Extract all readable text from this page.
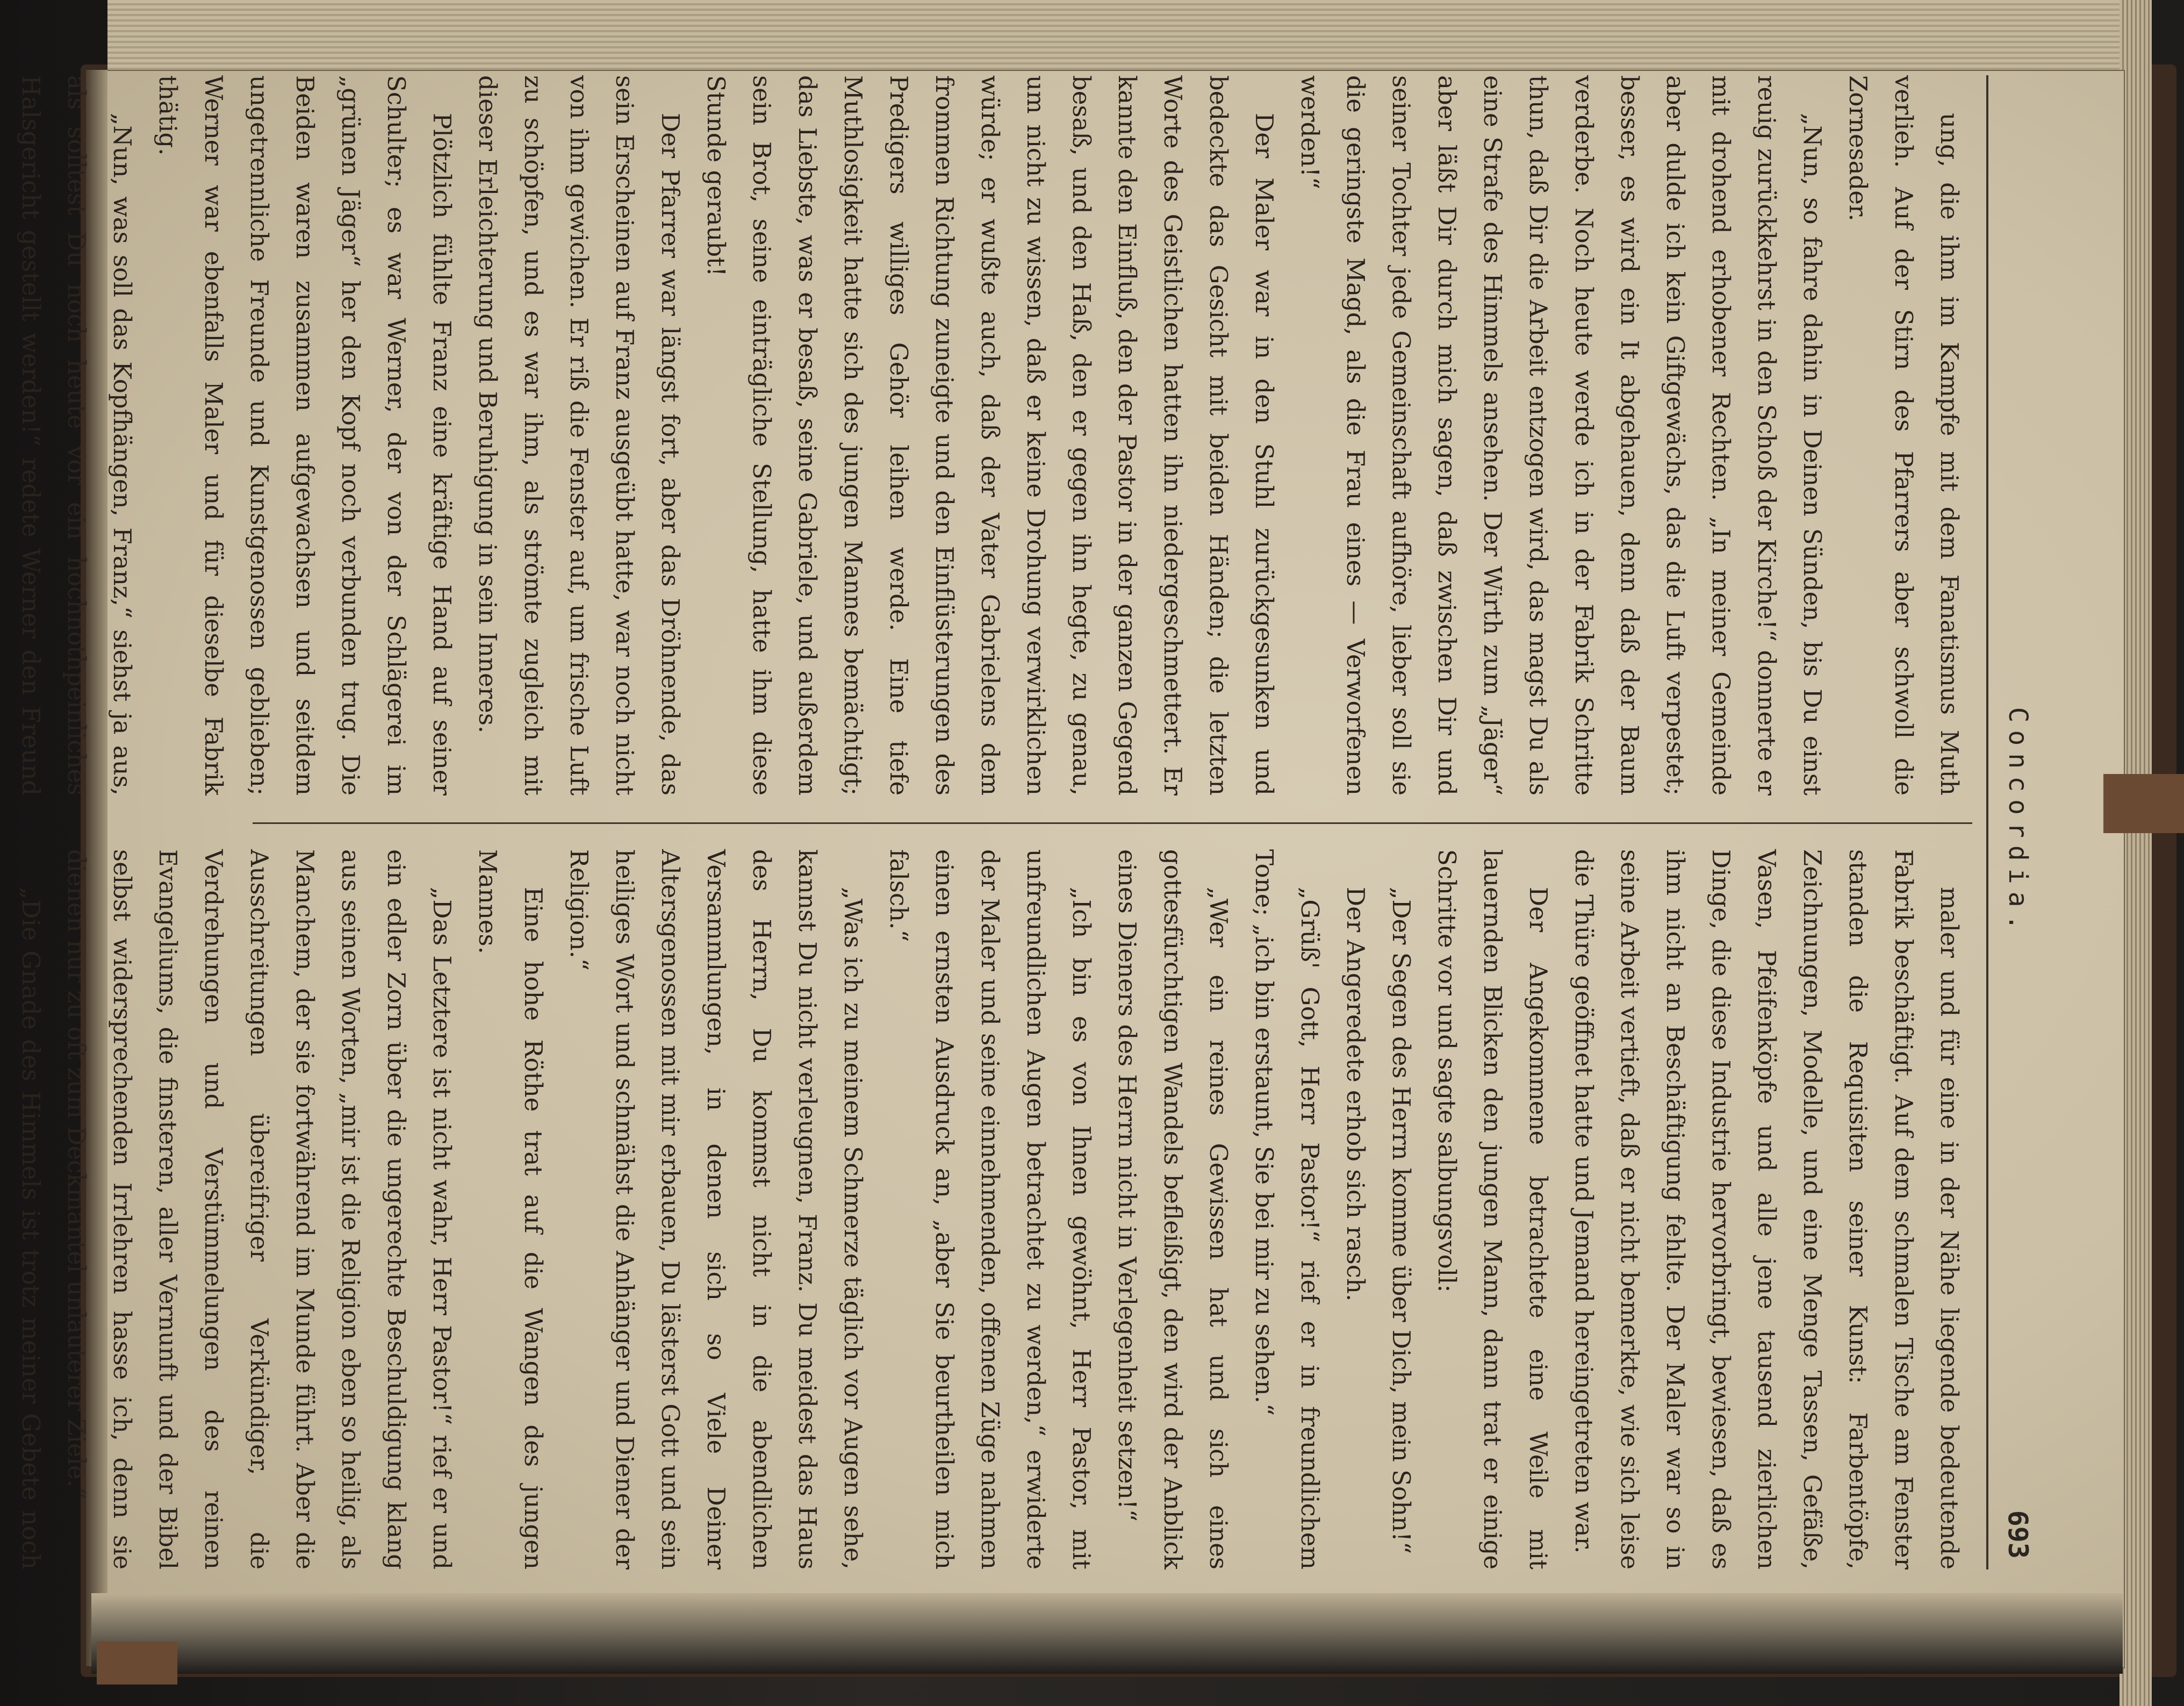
Concordia.
693

ung, die ihm im Kampfe mit dem Fanatismus Muth verlieh. Auf der Stirn des Pfarrers aber schwoll die Zornesader.

„Nun, so fahre dahin in Deinen Sünden, bis Du einst reuig zurückkehrst in den Schoß der Kirche!“ donnerte er mit drohend erhobener Rechten. „In meiner Gemeinde aber dulde ich kein Giftgewächs, das die Luft verpestet; besser, es wird ein It abgehauen, denn daß der Baum verderbe. Noch heute werde ich in der Fabrik Schritte thun, daß Dir die Arbeit entzogen wird, das magst Du als eine Strafe des Himmels ansehen. Der Wirth zum „Jäger“ aber läßt Dir durch mich sagen, daß zwischen Dir und seiner Tochter jede Gemeinschaft aufhöre, lieber soll sie die geringste Magd, als die Frau eines — Verworfenen werden!“

Der Maler war in den Stuhl zurückgesunken und bedeckte das Gesicht mit beiden Händen; die letzten Worte des Geistlichen hatten ihn niedergeschmettert. Er kannte den Einfluß, den der Pastor in der ganzen Gegend besaß, und den Haß, den er gegen ihn hegte, zu genau, um nicht zu wissen, daß er keine Drohung verwirklichen würde; er wußte auch, daß der Vater Gabrielens dem frommen Richtung zuneigte und den Einflüsterungen des Predigers williges Gehör leihen werde. Eine tiefe Muthlosigkeit hatte sich des jungen Mannes bemächtigt; das Liebste, was er besaß, seine Gabriele, und außerdem sein Brot, seine einträgliche Stellung, hatte ihm diese Stunde geraubt!

Der Pfarrer war längst fort, aber das Dröhnende, das sein Erscheinen auf Franz ausgeübt hatte, war noch nicht von ihm gewichen. Er riß die Fenster auf, um frische Luft zu schöpfen, und es war ihm, als strömte zugleich mit dieser Erleichterung und Beruhigung in sein Inneres.

Plötzlich fühlte Franz eine kräftige Hand auf seiner Schulter; es war Werner, der von der Schlägerei im „grünen Jäger“ her den Kopf noch verbunden trug. Die Beiden waren zusammen aufgewachsen und seitdem ungetrennliche Freunde und Kunstgenossen geblieben; Werner war ebenfalls Maler und für dieselbe Fabrik thätig.

„Nun, was soll das Kopfhängen, Franz,“ siehst ja aus, als solltest Du noch heute vor ein hochnothpeinliches Halsgericht gestellt werden!“ redete Werner den Freund

maler und für eine in der Nähe liegende bedeutende Fabrik beschäftigt. Auf dem schmalen Tische am Fenster standen die Requisiten seiner Kunst: Farbentöpfe, Zeichnungen, Modelle, und eine Menge Tassen, Gefäße, Vasen, Pfeifenköpfe und alle jene tausend zierlichen Dinge, die diese Industrie hervorbringt, bewiesen, daß es ihm nicht an Beschäftigung fehlte. Der Maler war so in seine Arbeit vertieft, daß er nicht bemerkte, wie sich leise die Thüre geöffnet hatte und Jemand hereingetreten war.

Der Angekommene betrachtete eine Weile mit lauernden Blicken den jungen Mann, dann trat er einige Schritte vor und sagte salbungsvoll:

„Der Segen des Herrn komme über Dich, mein Sohn!“

Der Angeredete erhob sich rasch.

„Grüß' Gott, Herr Pastor!“ rief er in freundlichem Tone; „ich bin erstaunt, Sie bei mir zu sehen.“

„Wer ein reines Gewissen hat und sich eines gottesfürchtigen Wandels befleißigt, den wird der Anblick eines Dieners des Herrn nicht in Verlegenheit setzen!“

„Ich bin es von Ihnen gewöhnt, Herr Pastor, mit unfreundlichen Augen betrachtet zu werden,“ erwiderte der Maler und seine einnehmenden, offenen Züge nahmen einen ernsten Ausdruck an, „aber Sie beurtheilen mich falsch.“

„Was ich zu meinem Schmerze täglich vor Augen sehe, kannst Du nicht verleugnen, Franz. Du meidest das Haus des Herrn, Du kommst nicht in die abendlichen Versammlungen, in denen sich so Viele Deiner Altersgenossen mit mir erbauen, Du lästerst Gott und sein heiliges Wort und schmähst die Anhänger und Diener der Religion.“

Eine hohe Röthe trat auf die Wangen des jungen Mannes.

„Das Letztere ist nicht wahr, Herr Pastor!“ rief er und ein edler Zorn über die ungerechte Beschuldigung klang aus seinen Worten, „mir ist die Religion eben so heilig, als Manchem, der sie fortwährend im Munde führt. Aber die Ausschreitungen übereifriger Verkündiger, die Verdrehungen und Verstümmelungen des reinen Evangeliums, die finsteren, aller Vernunft und der Bibel selbst widersprechenden Irrlehren hasse ich, denn sie dienen nur zu oft zum Deckmantel unlauterer Ziele.“

„Die Gnade des Himmels ist trotz meiner Gebete noch
